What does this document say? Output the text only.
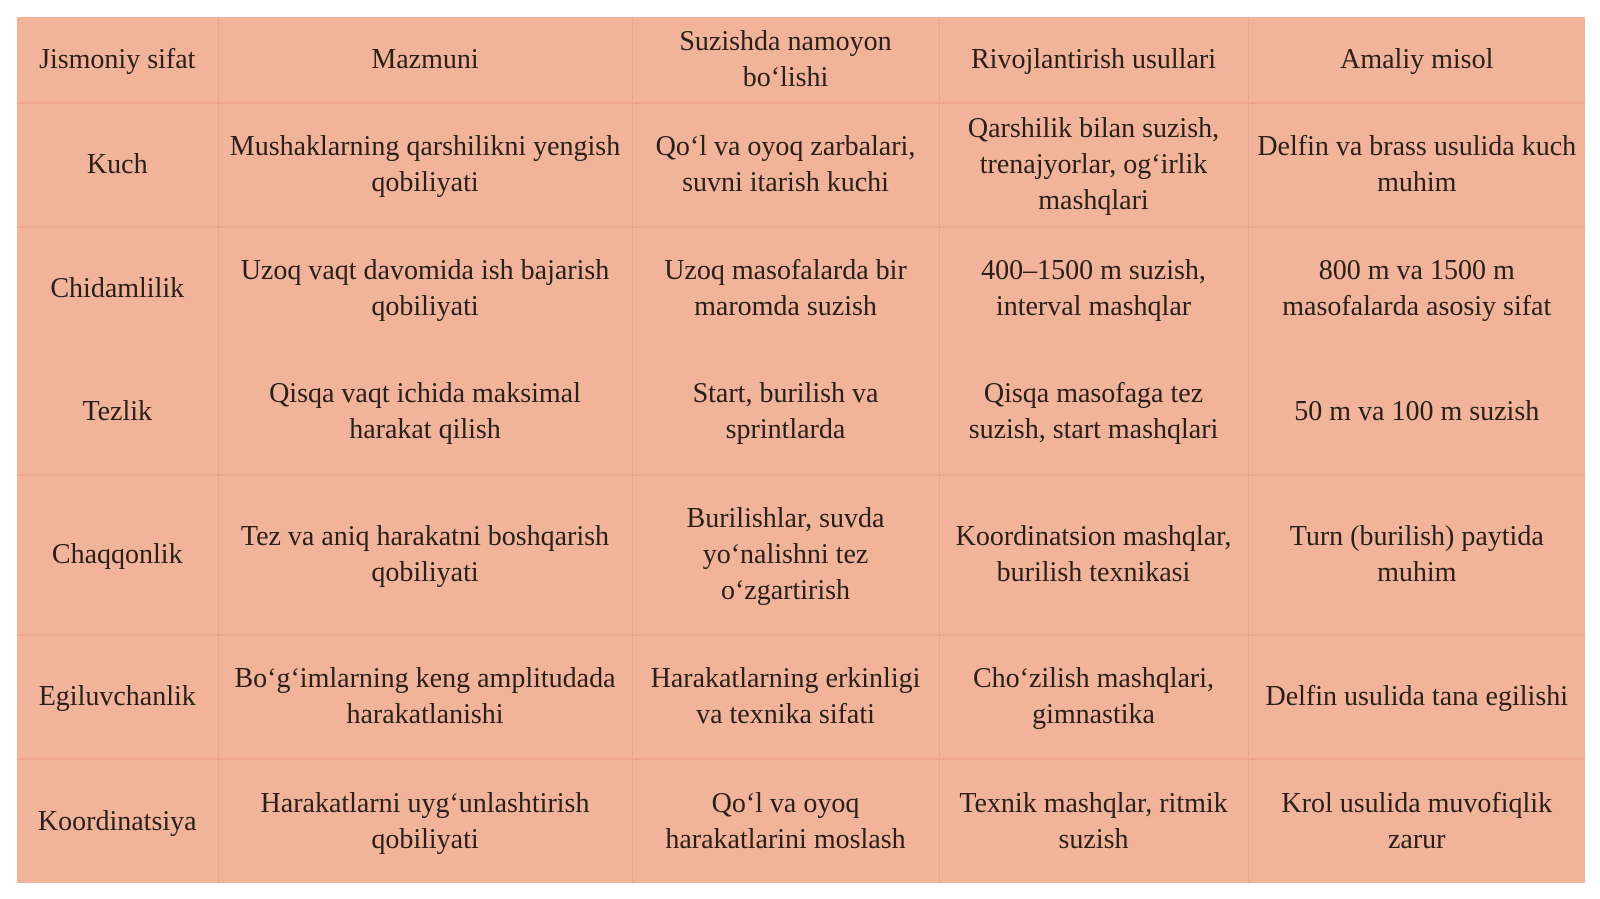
Jismoniy sifat	Mazmuni	Suzishda namoyon bo‘lishi	Rivojlantirish usullari	Amaliy misol
Kuch	Mushaklarning qarshilikni yengish qobiliyati	Qo‘l va oyoq zarbalari, suvni itarish kuchi	Qarshilik bilan suzish, trenajyorlar, og‘irlik mashqlari	Delfin va brass usulida kuch muhim
Chidamlilik	Uzoq vaqt davomida ish bajarish qobiliyati	Uzoq masofalarda bir maromda suzish	400–1500 m suzish, interval mashqlar	800 m va 1500 m masofalarda asosiy sifat
Tezlik	Qisqa vaqt ichida maksimal harakat qilish	Start, burilish va sprintlarda	Qisqa masofaga tez suzish, start mashqlari	50 m va 100 m suzish
Chaqqonlik	Tez va aniq harakatni boshqarish qobiliyati	Burilishlar, suvda yo‘nalishni tez o‘zgartirish	Koordinatsion mashqlar, burilish texnikasi	Turn (burilish) paytida muhim
Egiluvchanlik	Bo‘g‘imlarning keng amplitudada harakatlanishi	Harakatlarning erkinligi va texnika sifati	Cho‘zilish mashqlari, gimnastika	Delfin usulida tana egilishi
Koordinatsiya	Harakatlarni uyg‘unlashtirish qobiliyati	Qo‘l va oyoq harakatlarini moslash	Texnik mashqlar, ritmik suzish	Krol usulida muvofiqlik zarur
